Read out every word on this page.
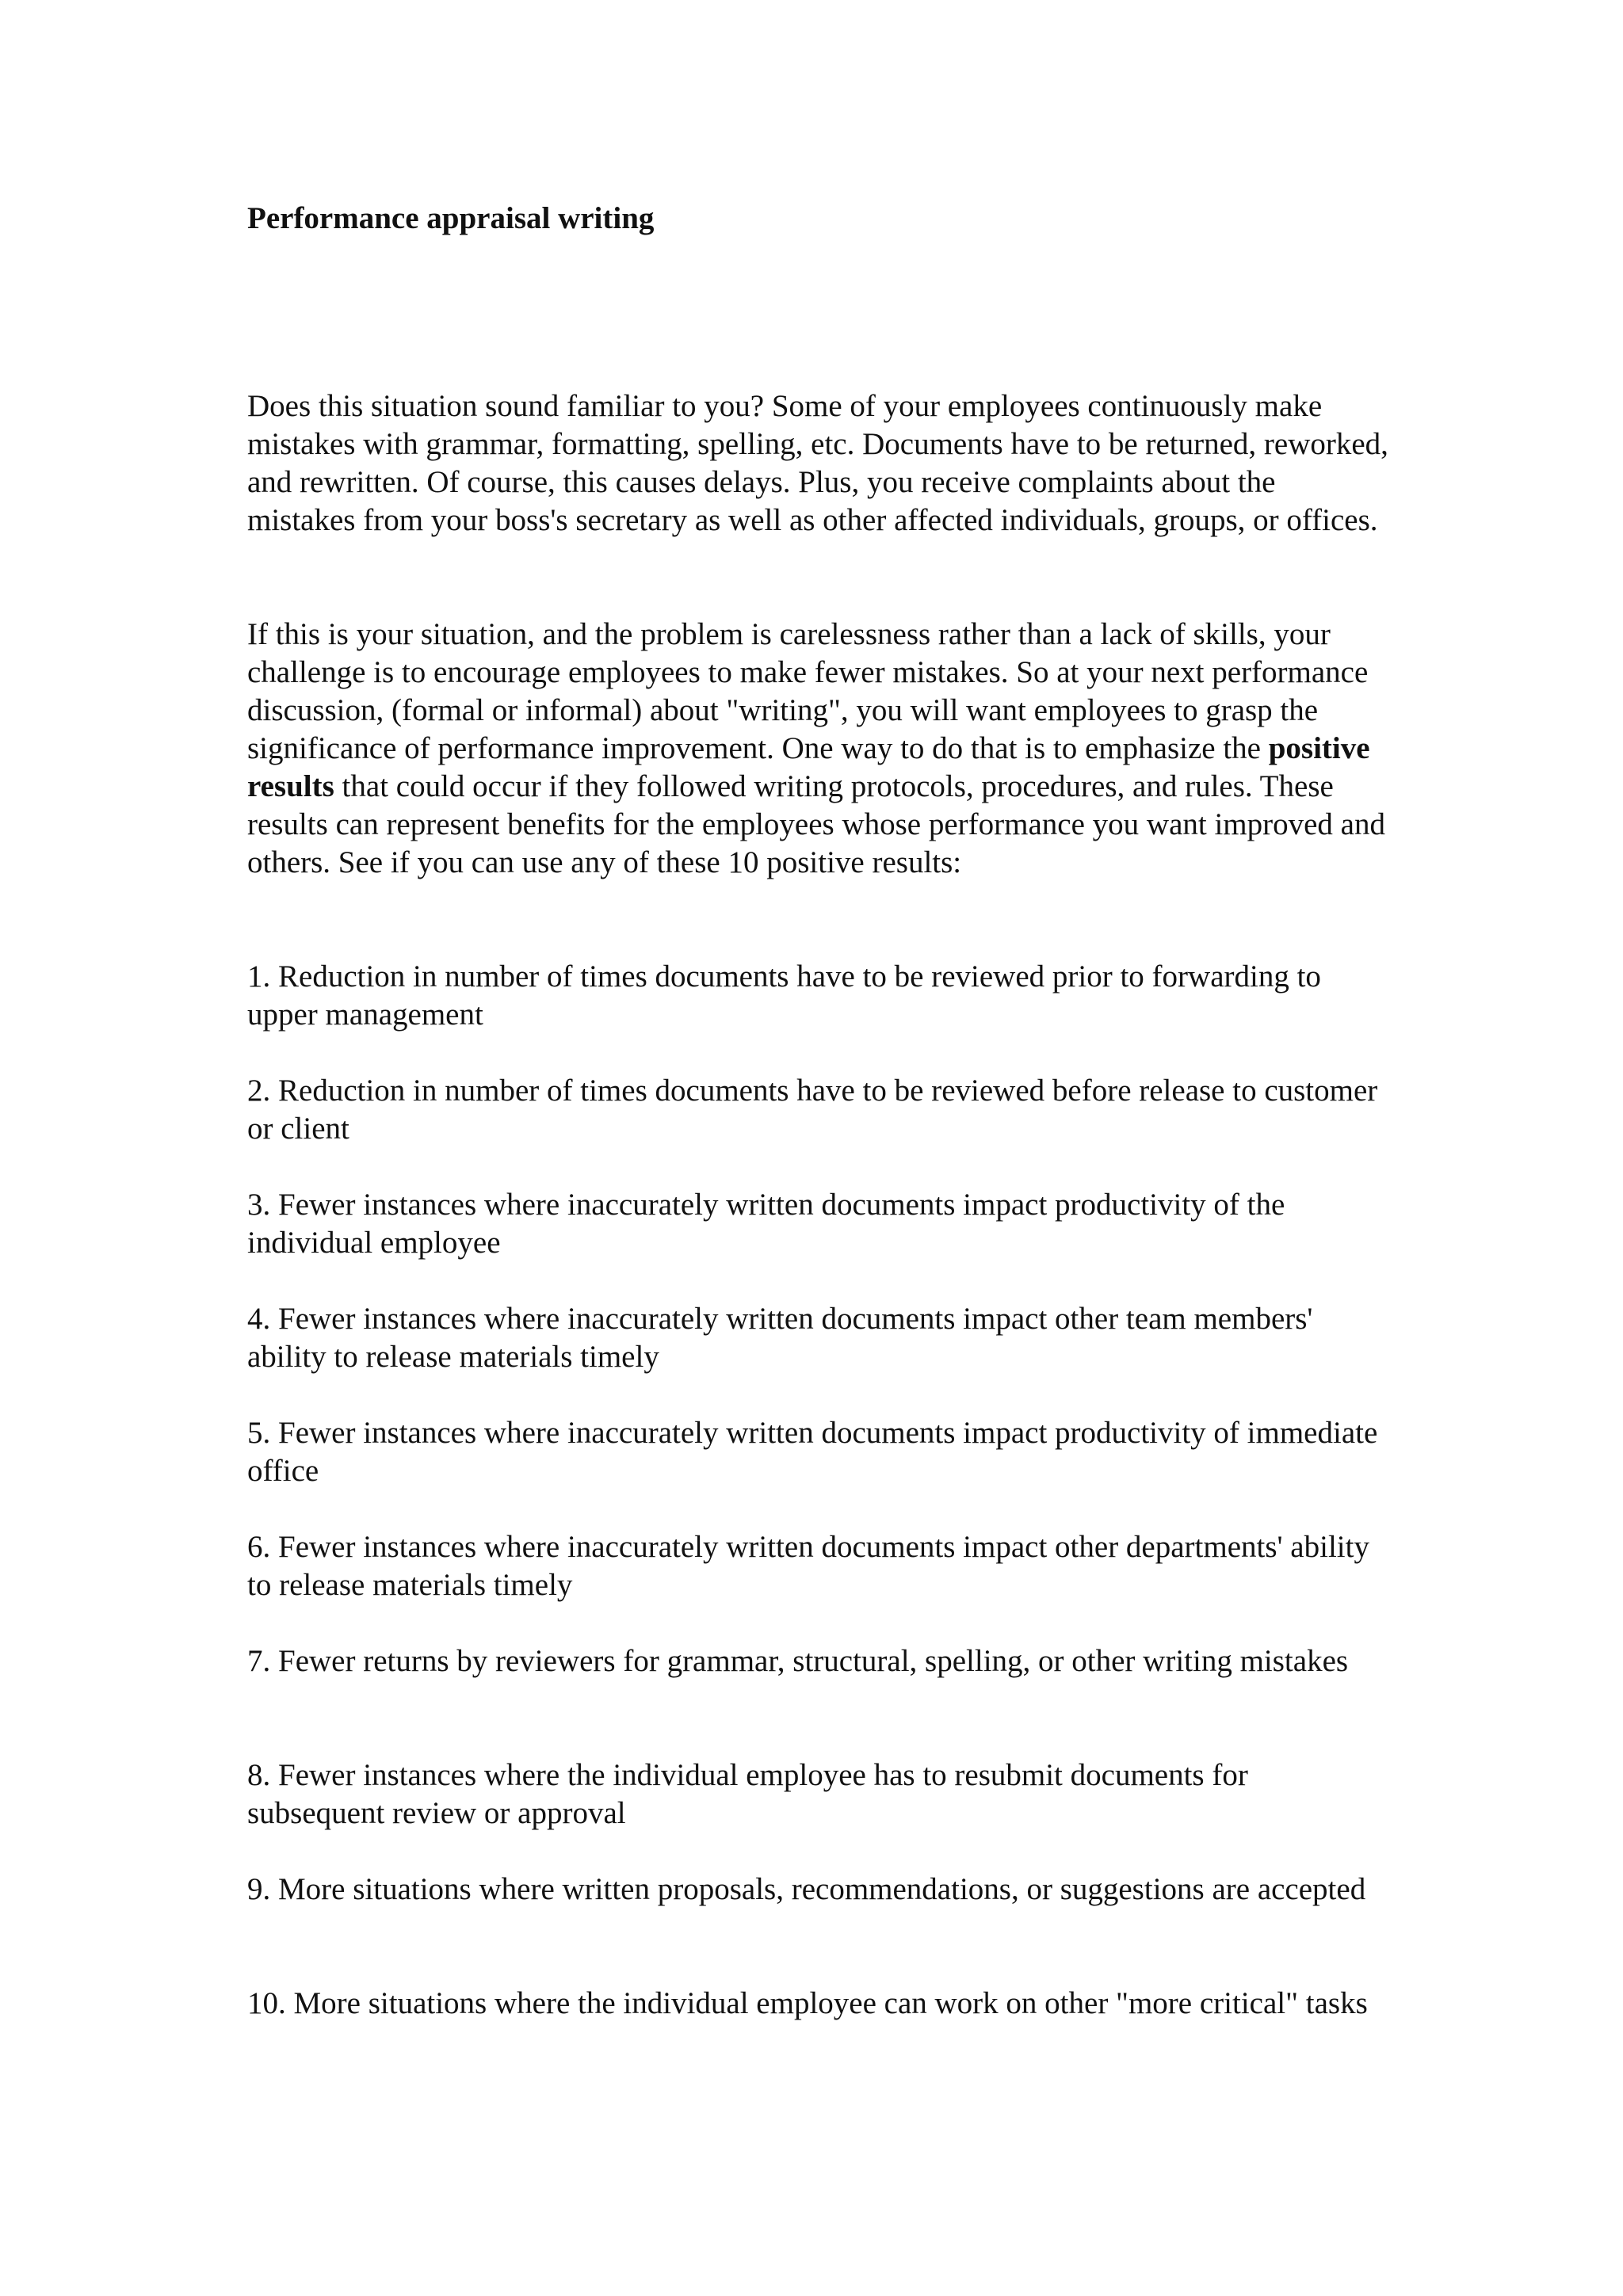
Performance appraisal writing

Does this situation sound familiar to you? Some of your employees continuously make mistakes with grammar, formatting, spelling, etc. Documents have to be returned, reworked, and rewritten. Of course, this causes delays. Plus, you receive complaints about the mistakes from your boss's secretary as well as other affected individuals, groups, or offices.

If this is your situation, and the problem is carelessness rather than a lack of skills, your challenge is to encourage employees to make fewer mistakes. So at your next performance discussion, (formal or informal) about "writing", you will want employees to grasp the significance of performance improvement. One way to do that is to emphasize the positive results that could occur if they followed writing protocols, procedures, and rules. These results can represent benefits for the employees whose performance you want improved and others. See if you can use any of these 10 positive results:

1. Reduction in number of times documents have to be reviewed prior to forwarding to upper management

2. Reduction in number of times documents have to be reviewed before release to customer or client

3. Fewer instances where inaccurately written documents impact productivity of the individual employee

4. Fewer instances where inaccurately written documents impact other team members' ability to release materials timely

5. Fewer instances where inaccurately written documents impact productivity of immediate office

6. Fewer instances where inaccurately written documents impact other departments' ability to release materials timely

7. Fewer returns by reviewers for grammar, structural, spelling, or other writing mistakes

8. Fewer instances where the individual employee has to resubmit documents for subsequent review or approval

9. More situations where written proposals, recommendations, or suggestions are accepted

10. More situations where the individual employee can work on other "more critical" tasks
